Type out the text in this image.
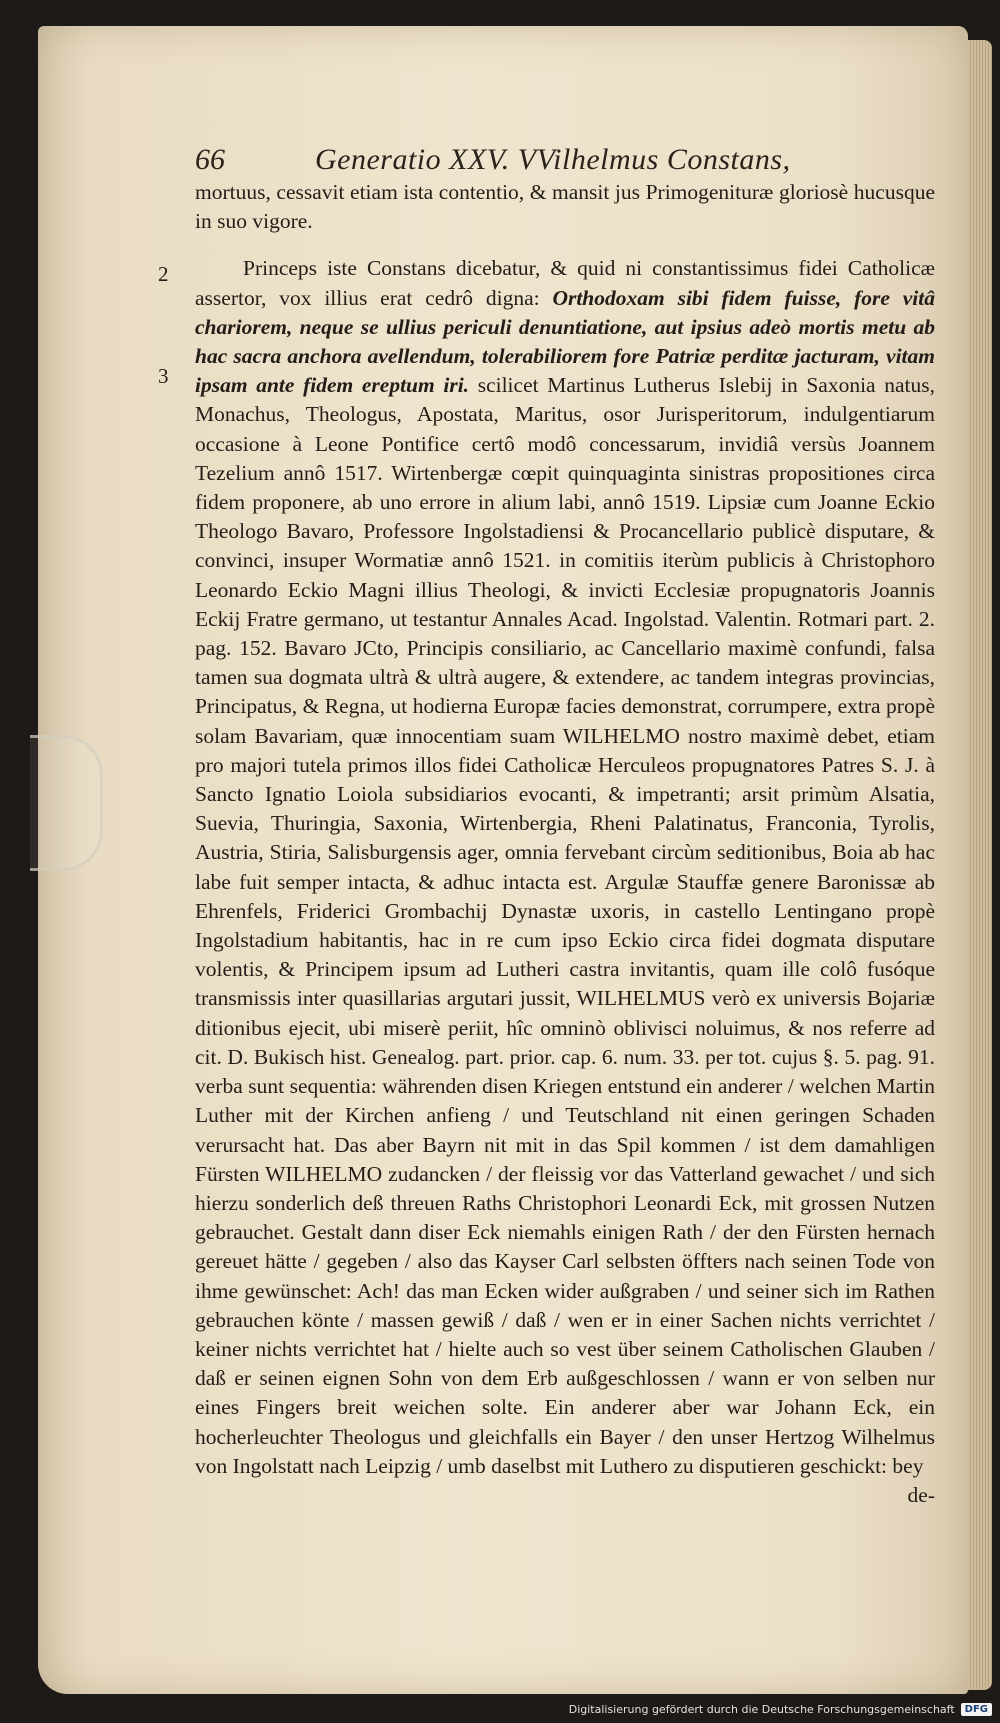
66	Generatio XXV. VVilhelmus Constans,
2
3

mortuus, cessavit etiam ista contentio, & mansit jus Primogenituræ gloriosè hucusque in suo vigore.

Princeps iste Constans dicebatur, & quid ni constantissimus fidei Catholicæ assertor, vox illius erat cedrô digna: Orthodoxam sibi fidem fuisse, fore vitâ chariorem, neque se ullius periculi denuntiatione, aut ipsius adeò mortis metu ab hac sacra anchora avellendum, tolerabiliorem fore Patriæ perditæ jacturam, vitam ipsam ante fidem ereptum iri. scilicet Martinus Lutherus Islebij in Saxonia natus, Monachus, Theologus, Apostata, Maritus, osor Jurisperitorum, indulgentiarum occasione à Leone Pontifice certô modô concessarum, invidiâ versùs Joannem Tezelium annô 1517. Wirtenbergæ cœpit quinquaginta sinistras propositiones circa fidem proponere, ab uno errore in alium labi, annô 1519. Lipsiæ cum Joanne Eckio Theologo Bavaro, Professore Ingolstadiensi & Procancellario publicè disputare, & convinci, insuper Wormatiæ annô 1521. in comitiis iterùm publicis à Christophoro Leonardo Eckio Magni illius Theologi, & invicti Ecclesiæ propugnatoris Joannis Eckij Fratre germano, ut testantur Annales Acad. Ingolstad. Valentin. Rotmari part. 2. pag. 152. Bavaro JCto, Principis consiliario, ac Cancellario maximè confundi, falsa tamen sua dogmata ultrà & ultrà augere, & extendere, ac tandem integras provincias, Principatus, & Regna, ut hodierna Europæ facies demonstrat, corrumpere, extra propè solam Bavariam, quæ innocentiam suam WILHELMO nostro maximè debet, etiam pro majori tutela primos illos fidei Catholicæ Herculeos propugnatores Patres S. J. à Sancto Ignatio Loiola subsidiarios evocanti, & impetranti; arsit primùm Alsatia, Suevia, Thuringia, Saxonia, Wirtenbergia, Rheni Palatinatus, Franconia, Tyrolis, Austria, Stiria, Salisburgensis ager, omnia fervebant circùm seditionibus, Boia ab hac labe fuit semper intacta, & adhuc intacta est. Argulæ Stauffæ genere Baronissæ ab Ehrenfels, Friderici Grombachij Dynastæ uxoris, in castello Lentingano propè Ingolstadium habitantis, hac in re cum ipso Eckio circa fidei dogmata disputare volentis, & Principem ipsum ad Lutheri castra invitantis, quam ille colô fusóque transmissis inter quasillarias argutari jussit, WILHELMUS verò ex universis Bojariæ ditionibus ejecit, ubi miserè periit, hîc omninò oblivisci noluimus, & nos referre ad cit. D. Bukisch hist. Genealog. part. prior. cap. 6. num. 33. per tot. cujus §. 5. pag. 91. verba sunt sequentia: währenden disen Kriegen entstund ein anderer / welchen Martin Luther mit der Kirchen anfieng / und Teutschland nit einen geringen Schaden verursacht hat. Das aber Bayrn nit mit in das Spil kommen / ist dem damahligen Fürsten WILHELMO zudancken / der fleissig vor das Vatterland gewachet / und sich hierzu sonderlich deß threuen Raths Christophori Leonardi Eck, mit grossen Nutzen gebrauchet. Gestalt dann diser Eck niemahls einigen Rath / der den Fürsten hernach gereuet hätte / gegeben / also das Kayser Carl selbsten öffters nach seinen Tode von ihme gewünschet: Ach! das man Ecken wider außgraben / und seiner sich im Rathen gebrauchen könte / massen gewiß / daß / wen er in einer Sachen nichts verrichtet / keiner nichts verrichtet hat / hielte auch so vest über seinem Catholischen Glauben / daß er seinen eignen Sohn von dem Erb außgeschlossen / wann er von selben nur eines Fingers breit weichen solte. Ein anderer aber war Johann Eck, ein hocherleuchter Theologus und gleichfalls ein Bayer / den unser Hertzog Wilhelmus von Ingolstatt nach Leipzig / umb daselbst mit Luthero zu disputieren geschickt: bey

de-

Digitalisierung gefördert durch die Deutsche Forschungsgemeinschaft	DFG
